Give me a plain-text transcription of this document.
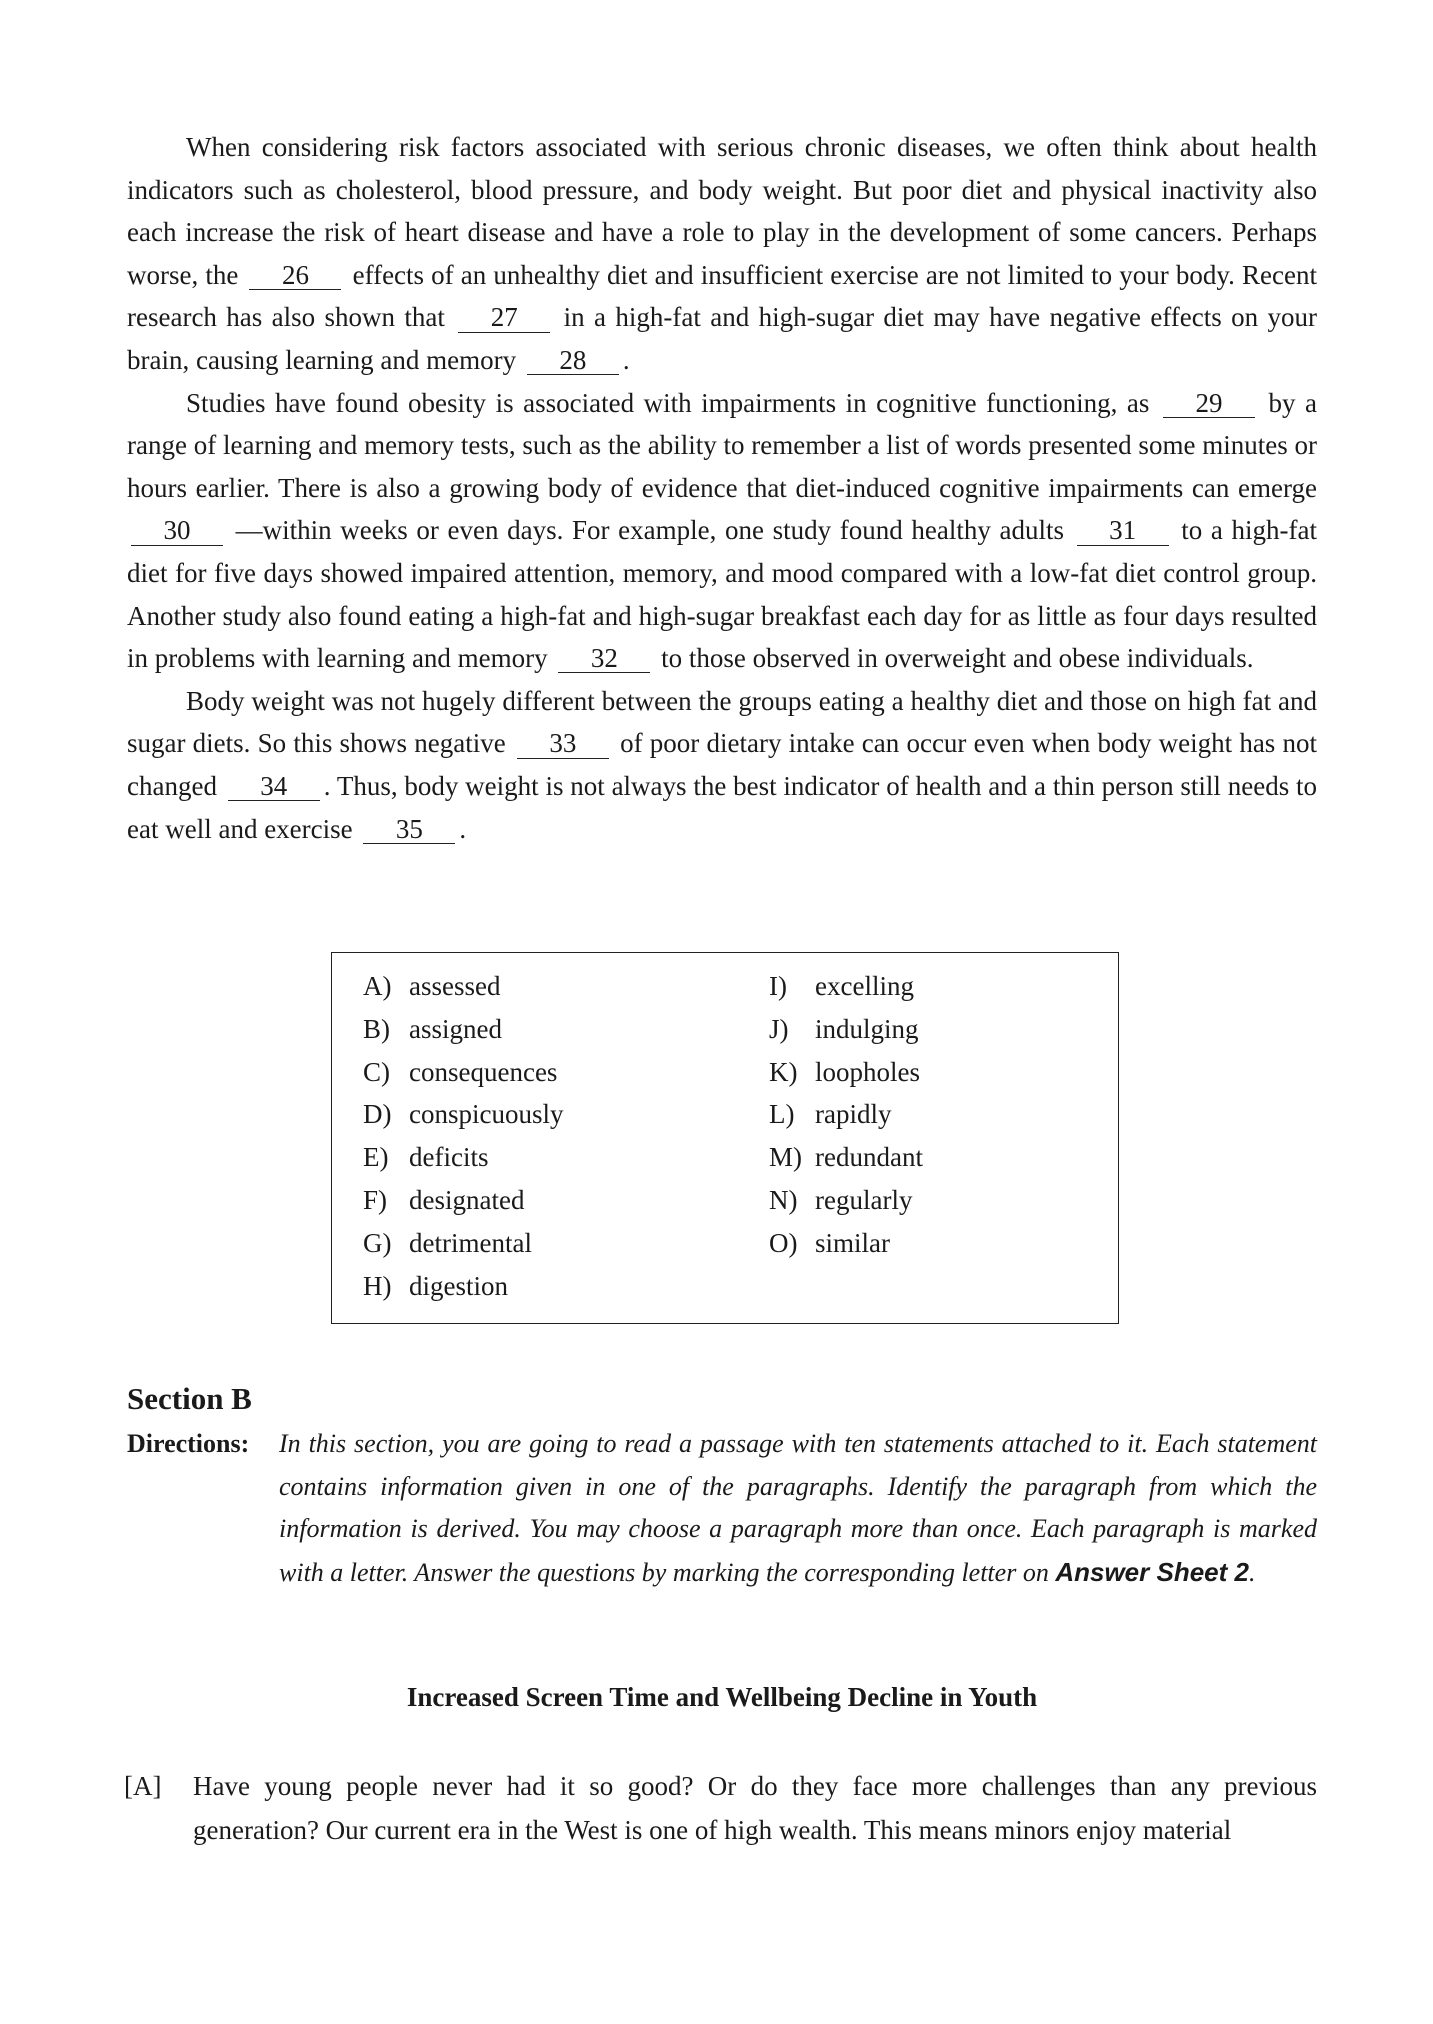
When considering risk factors associated with serious chronic diseases, we often think about health indicators such as cholesterol, blood pressure, and body weight. But poor diet and physical inactivity also each increase the risk of heart disease and have a role to play in the development of some cancers. Perhaps worse, the 26 effects of an unhealthy diet and insufficient exercise are not limited to your body. Recent research has also shown that 27 in a high-fat and high-sugar diet may have negative effects on your brain, causing learning and memory 28 .

Studies have found obesity is associated with impairments in cognitive functioning, as 29 by a range of learning and memory tests, such as the ability to remember a list of words presented some minutes or hours earlier. There is also a growing body of evidence that diet-induced cognitive impairments can emerge 30 —within weeks or even days. For example, one study found healthy adults 31 to a high-fat diet for five days showed impaired attention, memory, and mood compared with a low-fat diet control group. Another study also found eating a high-fat and high-sugar breakfast each day for as little as four days resulted in problems with learning and memory 32 to those observed in overweight and obese individuals.

Body weight was not hugely different between the groups eating a healthy diet and those on high fat and sugar diets. So this shows negative 33 of poor dietary intake can occur even when body weight has not changed 34 . Thus, body weight is not always the best indicator of health and a thin person still needs to eat well and exercise 35 .

A) assessed
B) assigned
C) consequences
D) conspicuously
E) deficits
F) designated
G) detrimental
H) digestion
I) excelling
J) indulging
K) loopholes
L) rapidly
M) redundant
N) regularly
O) similar
Section B
Directions: In this section, you are going to read a passage with ten statements attached to it. Each statement contains information given in one of the paragraphs. Identify the paragraph from which the information is derived. You may choose a paragraph more than once. Each paragraph is marked with a letter. Answer the questions by marking the corresponding letter on Answer Sheet 2.
Increased Screen Time and Wellbeing Decline in Youth
[A] Have young people never had it so good? Or do they face more challenges than any previous generation? Our current era in the West is one of high wealth. This means minors enjoy material
